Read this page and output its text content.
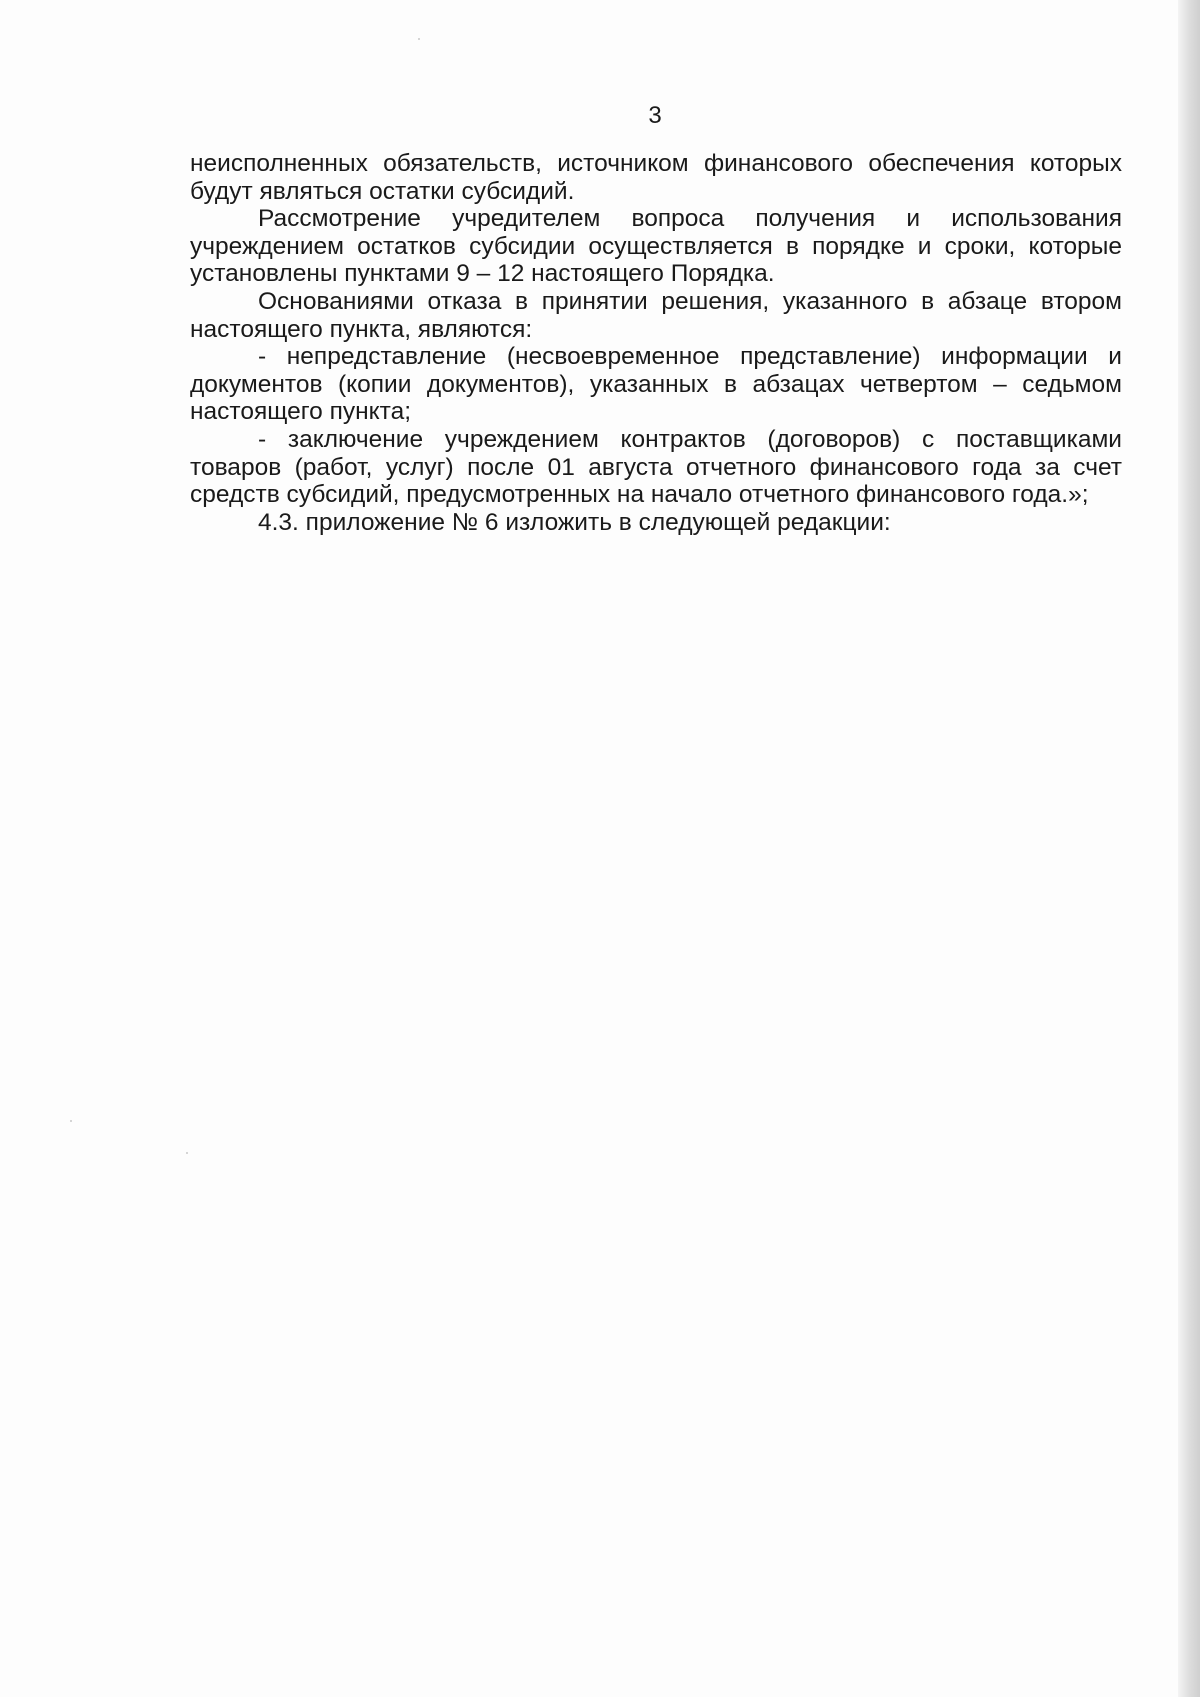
3

неисполненных обязательств, источником финансового обеспечения которых будут являться остатки субсидий.

Рассмотрение учредителем вопроса получения и использования учреждением остатков субсидии осуществляется в порядке и сроки, которые установлены пунктами 9 – 12 настоящего Порядка.

Основаниями отказа в принятии решения, указанного в абзаце втором настоящего пункта, являются:

- непредставление (несвоевременное представление) информации и документов (копии документов), указанных в абзацах четвертом – седьмом настоящего пункта;

- заключение учреждением контрактов (договоров) с поставщиками товаров (работ, услуг) после 01 августа отчетного финансового года за счет средств субсидий, предусмотренных на начало отчетного финансового года.»;

4.3. приложение № 6 изложить в следующей редакции:
